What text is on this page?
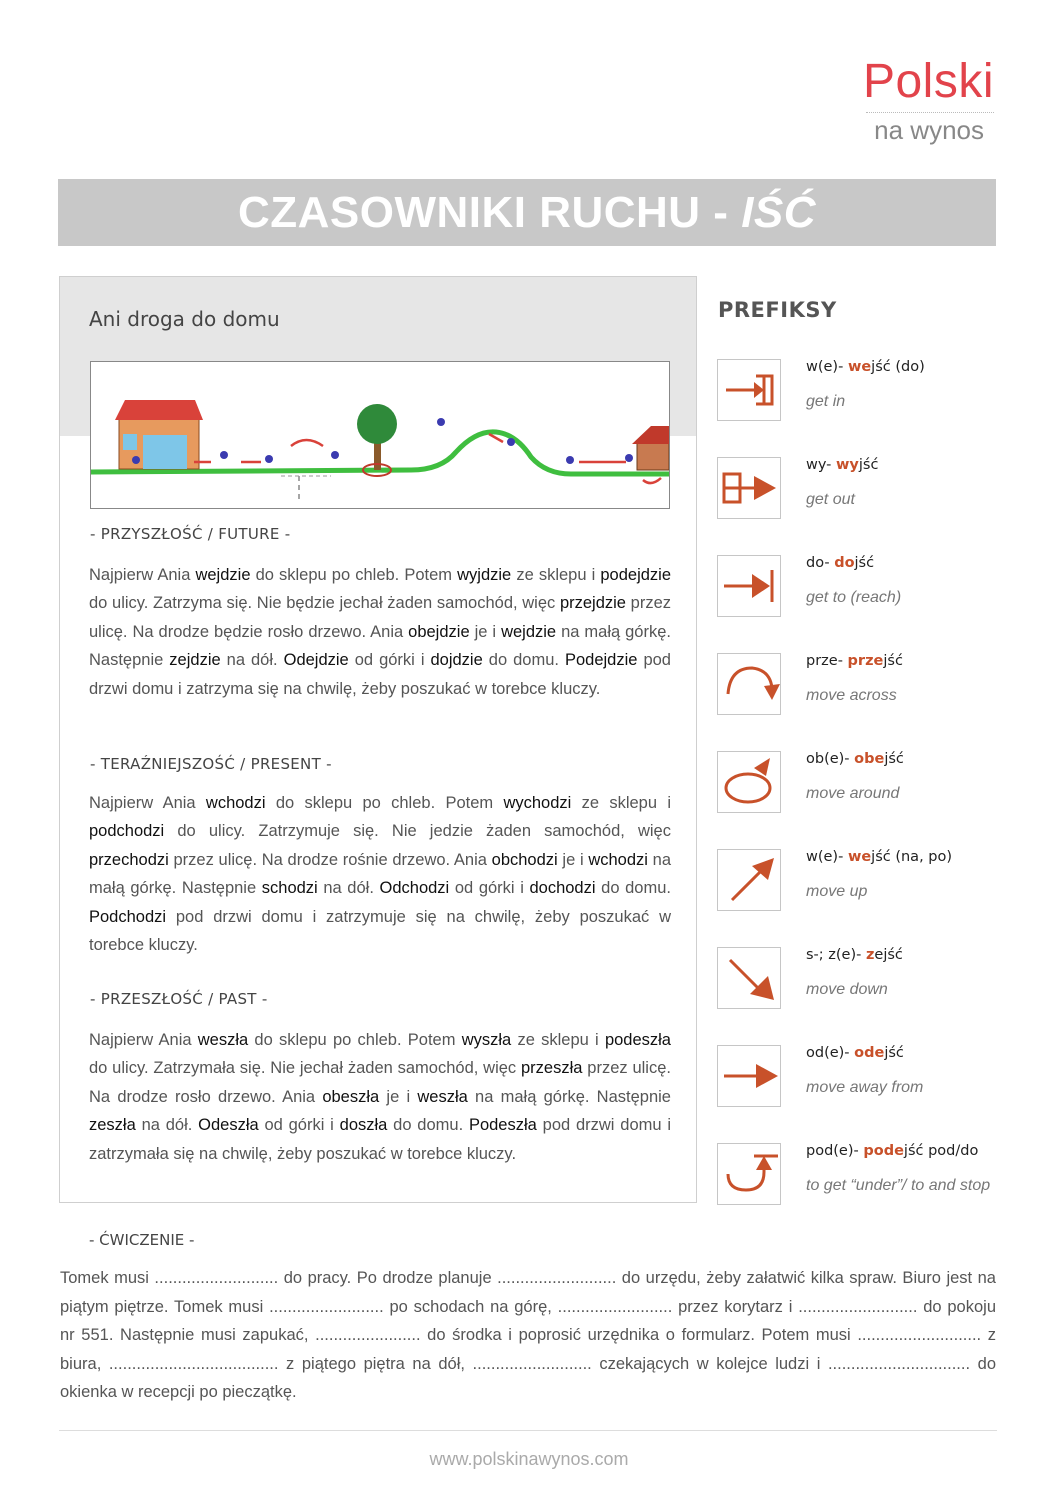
Polski
na wynos
CZASOWNIKI RUCHU - IŚĆ
Ani droga do domu
- PRZYSZŁOŚĆ / FUTURE -

Najpierw Ania wejdzie do sklepu po chleb. Potem wyjdzie ze sklepu i podejdzie do ulicy. Zatrzyma się. Nie będzie jechał żaden samochód, więc przejdzie przez ulicę. Na drodze będzie rosło drzewo. Ania obejdzie je i wejdzie na małą górkę. Następnie zejdzie na dół. Odejdzie od górki i dojdzie do domu. Podejdzie pod drzwi domu i zatrzyma się na chwilę, żeby poszukać w torebce kluczy.

- TERAŹNIEJSZOŚĆ / PRESENT -

Najpierw Ania wchodzi do sklepu po chleb. Potem wychodzi ze sklepu i podchodzi do ulicy. Zatrzymuje się. Nie jedzie żaden samochód, więc przechodzi przez ulicę. Na drodze rośnie drzewo. Ania obchodzi je i wchodzi na małą górkę. Następnie schodzi na dół. Odchodzi od górki i dochodzi do domu. Podchodzi pod drzwi domu i zatrzymuje się na chwilę, żeby poszukać w torebce kluczy.

- PRZESZŁOŚĆ / PAST -

Najpierw Ania weszła do sklepu po chleb. Potem wyszła ze sklepu i podeszła do ulicy. Zatrzymała się. Nie jechał żaden samochód, więc przeszła przez ulicę. Na drodze rosło drzewo. Ania obeszła je i weszła na małą górkę. Następnie zeszła na dół. Odeszła od górki i doszła do domu. Podeszła pod drzwi domu i zatrzymała się na chwilę, żeby poszukać w torebce kluczy.

PREFIKSY
w(e)- wejść (do)
get in
wy- wyjść
get out
do- dojść
get to (reach)
prze- przejść
move across
ob(e)- obejść
move around
w(e)- wejść (na, po)
move up
s-; z(e)- zejść
move down
od(e)- odejść
move away from
pod(e)- podejść pod/do
to get “under”/ to and stop
- ĆWICZENIE -

Tomek musi ........................... do pracy. Po drodze planuje .......................... do urzędu, żeby załatwić kilka spraw. Biuro jest na piątym piętrze. Tomek musi ......................... po schodach na górę, ......................... przez korytarz i .......................... do pokoju nr 551. Następnie musi zapukać, ....................... do środka i poprosić urzędnika o formularz. Potem musi ........................... z biura, ..................................... z piątego piętra na dół, .......................... czekających w kolejce ludzi i ............................... do okienka w recepcji po pieczątkę.

www.polskinawynos.com
